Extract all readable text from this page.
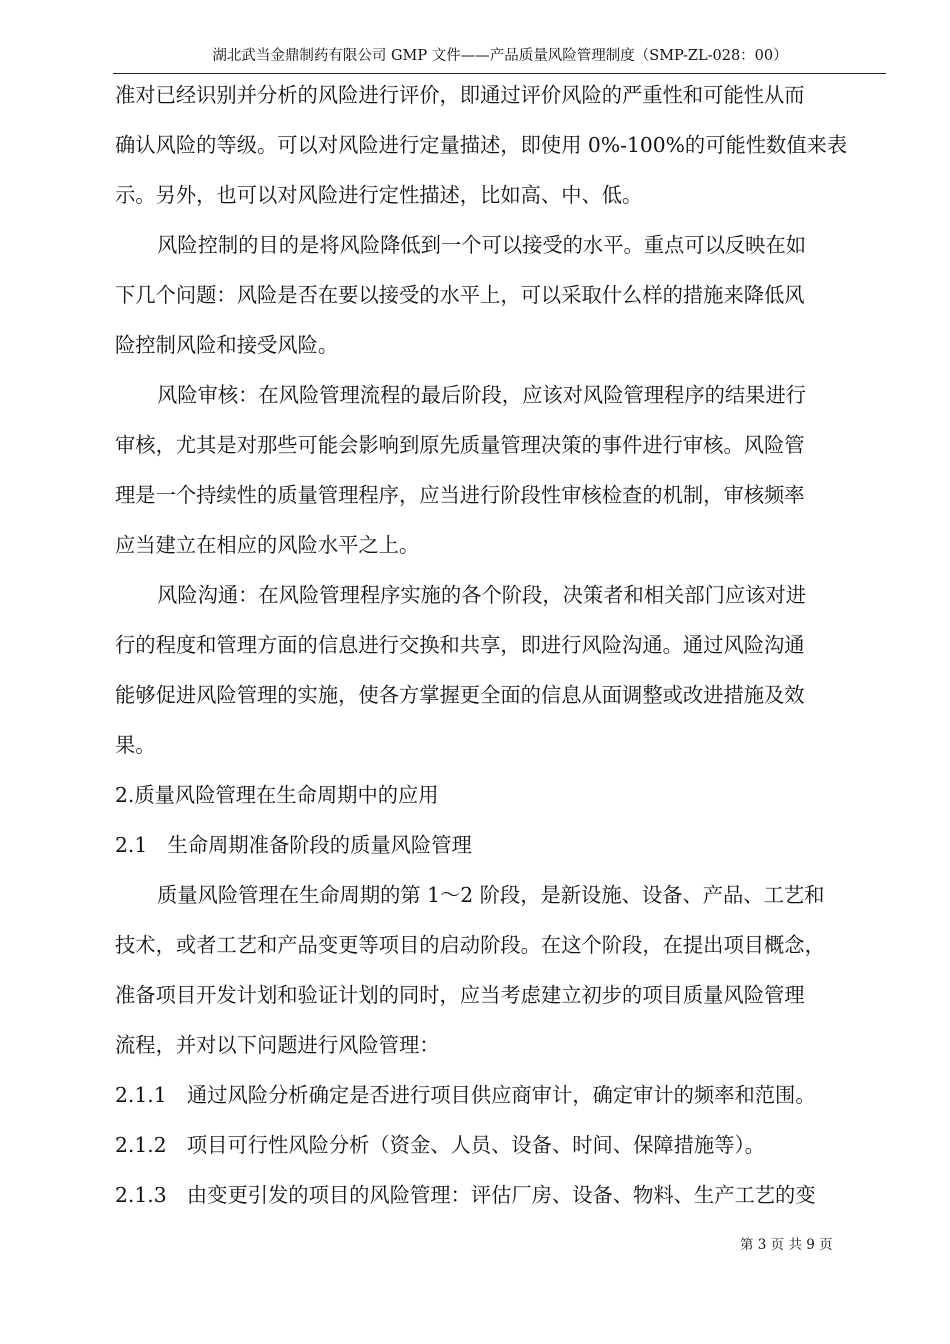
湖北武当金鼎制药有限公司 GMP 文件——产品质量风险管理制度（SMP-ZL-028：00）
准对已经识别并分析的风险进行评价，即通过评价风险的严重性和可能性从而
确认风险的等级。可以对风险进行定量描述，即使用 0%-100%的可能性数值来表
示。另外，也可以对风险进行定性描述，比如高、中、低。
风险控制的目的是将风险降低到一个可以接受的水平。重点可以反映在如
下几个问题：风险是否在要以接受的水平上，可以采取什么样的措施来降低风
险控制风险和接受风险。
风险审核：在风险管理流程的最后阶段，应该对风险管理程序的结果进行
审核，尤其是对那些可能会影响到原先质量管理决策的事件进行审核。风险管
理是一个持续性的质量管理程序，应当进行阶段性审核检查的机制，审核频率
应当建立在相应的风险水平之上。
风险沟通：在风险管理程序实施的各个阶段，决策者和相关部门应该对进
行的程度和管理方面的信息进行交换和共享，即进行风险沟通。通过风险沟通
能够促进风险管理的实施，使各方掌握更全面的信息从面调整或改进措施及效
果。
2.质量风险管理在生命周期中的应用
2.1　生命周期准备阶段的质量风险管理
质量风险管理在生命周期的第 1～2 阶段，是新设施、设备、产品、工艺和
技术，或者工艺和产品变更等项目的启动阶段。在这个阶段，在提出项目概念，
准备项目开发计划和验证计划的同时，应当考虑建立初步的项目质量风险管理
流程，并对以下问题进行风险管理：
2.1.1　通过风险分析确定是否进行项目供应商审计，确定审计的频率和范围。
2.1.2　项目可行性风险分析（资金、人员、设备、时间、保障措施等）。
2.1.3　由变更引发的项目的风险管理：评估厂房、设备、物料、生产工艺的变
第 3 页 共 9 页
